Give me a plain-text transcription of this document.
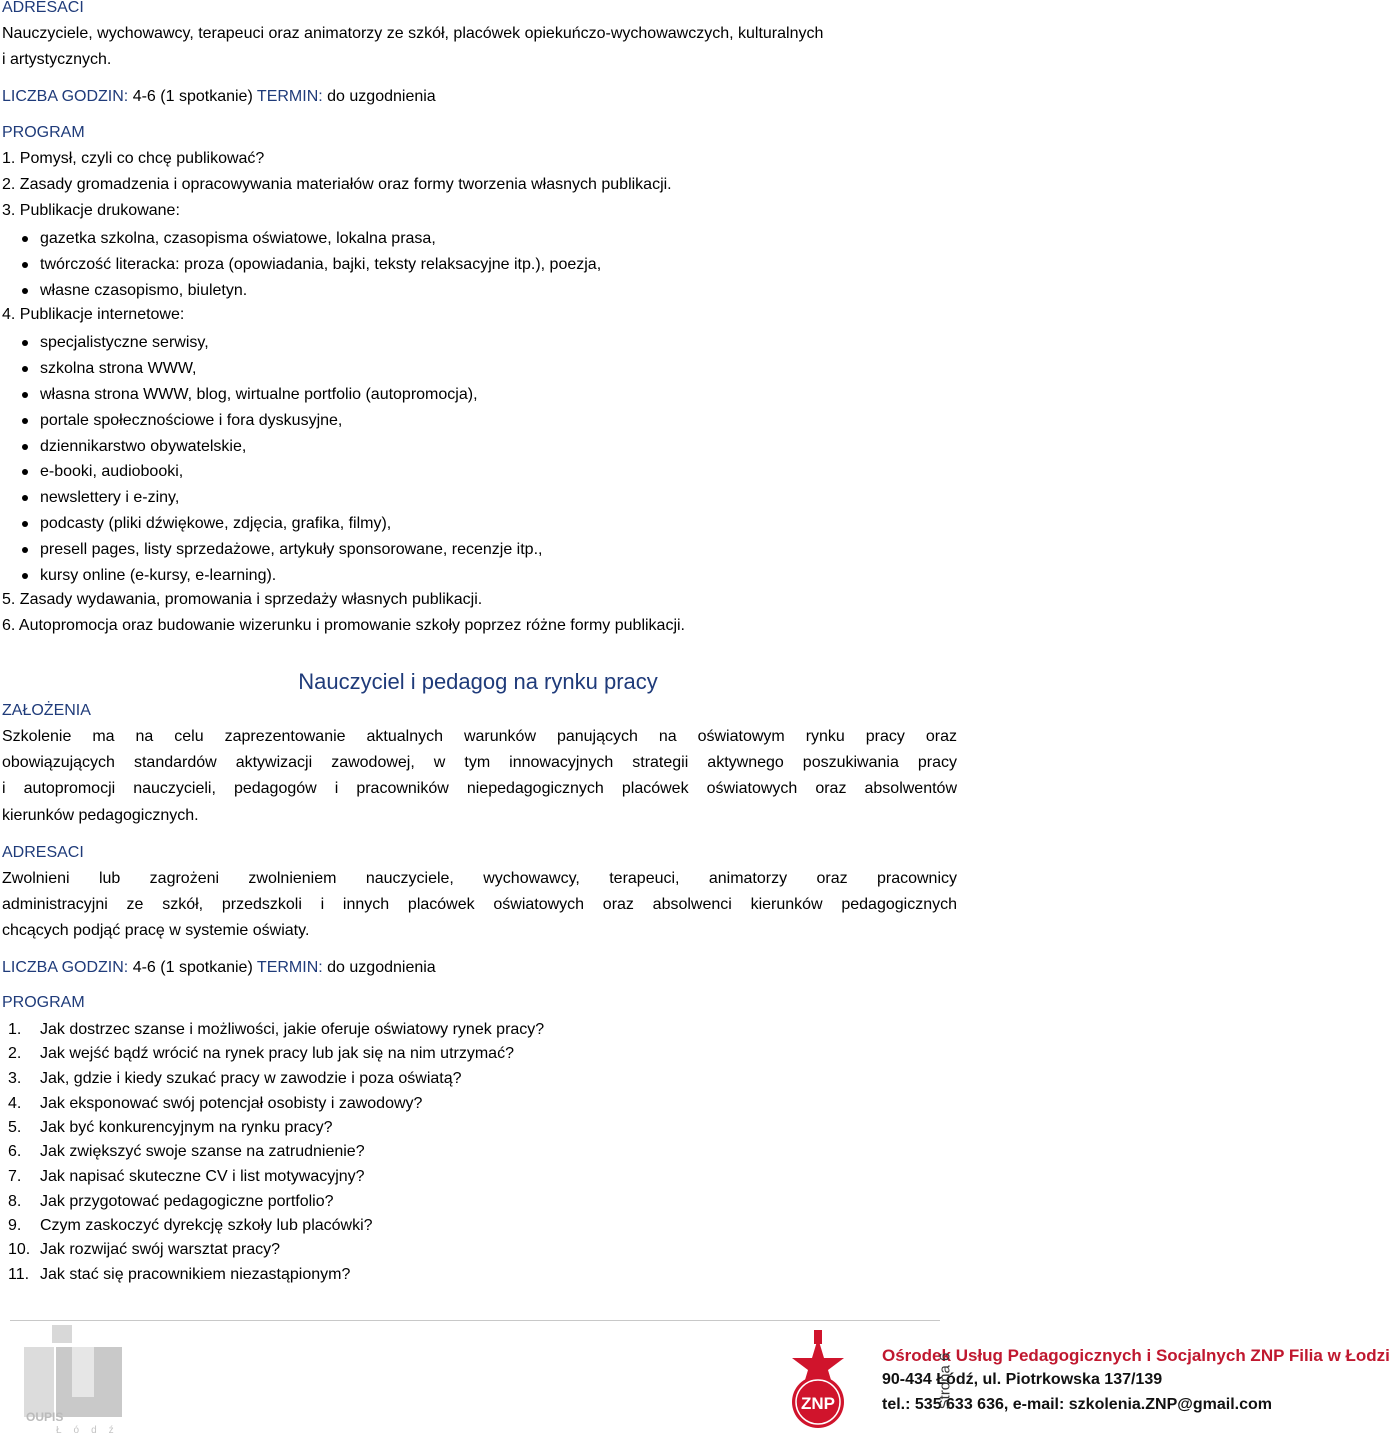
ADRESACI
Nauczyciele, wychowawcy, terapeuci oraz animatorzy ze szkół, placówek opiekuńczo-wychowawczych, kulturalnych
i artystycznych.
LICZBA GODZIN: 4-6 (1 spotkanie) TERMIN: do uzgodnienia
PROGRAM
1. Pomysł, czyli co chcę publikować?
2. Zasady gromadzenia i opracowywania materiałów oraz formy tworzenia własnych publikacji.
3. Publikacje drukowane:
gazetka szkolna, czasopisma oświatowe, lokalna prasa,
twórczość literacka: proza (opowiadania, bajki, teksty relaksacyjne itp.), poezja,
własne czasopismo, biuletyn.
4. Publikacje internetowe:
specjalistyczne serwisy,
szkolna strona WWW,
własna strona WWW, blog, wirtualne portfolio (autopromocja),
portale społecznościowe i fora dyskusyjne,
dziennikarstwo obywatelskie,
e-booki, audiobooki,
newslettery i e-ziny,
podcasty (pliki dźwiękowe, zdjęcia, grafika, filmy),
presell pages, listy sprzedażowe, artykuły sponsorowane, recenzje itp.,
kursy online (e-kursy, e-learning).
5. Zasady wydawania, promowania i sprzedaży własnych publikacji.
6. Autopromocja oraz budowanie wizerunku i promowanie szkoły poprzez różne formy publikacji.
Nauczyciel i pedagog na rynku pracy
ZAŁOŻENIA
Szkolenie ma na celu zaprezentowanie aktualnych warunków panujących na oświatowym rynku pracy oraz
obowiązujących standardów aktywizacji zawodowej, w tym innowacyjnych strategii aktywnego poszukiwania pracy
i autopromocji nauczycieli, pedagogów i pracowników niepedagogicznych placówek oświatowych oraz absolwentów
kierunków pedagogicznych.
ADRESACI
Zwolnieni lub zagrożeni zwolnieniem nauczyciele, wychowawcy, terapeuci, animatorzy oraz pracownicy
administracyjni ze szkół, przedszkoli i innych placówek oświatowych oraz absolwenci kierunków pedagogicznych
chcących podjąć pracę w systemie oświaty.
LICZBA GODZIN: 4-6 (1 spotkanie) TERMIN: do uzgodnienia
PROGRAM
1. Jak dostrzec szanse i możliwości, jakie oferuje oświatowy rynek pracy?
2. Jak wejść bądź wrócić na rynek pracy lub jak się na nim utrzymać?
3. Jak, gdzie i kiedy szukać pracy w zawodzie i poza oświatą?
4. Jak eksponować swój potencjał osobisty i zawodowy?
5. Jak być konkurencyjnym na rynku pracy?
6. Jak zwiększyć swoje szanse na zatrudnienie?
7. Jak napisać skuteczne CV i list motywacyjny?
8. Jak przygotować pedagogiczne portfolio?
9. Czym zaskoczyć dyrekcję szkoły lub placówki?
10. Jak rozwijać swój warsztat pracy?
11. Jak stać się pracownikiem niezastąpionym?
OUPIS
Łódź
ZNP
Ośrodek Usług Pedagogicznych i Socjalnych ZNP Filia w Łodzi
90-434 Łódź, ul. Piotrkowska 137/139
tel.: 535 633 636, e-mail: szkolenia.ZNP@gmail.com
Strona 6
